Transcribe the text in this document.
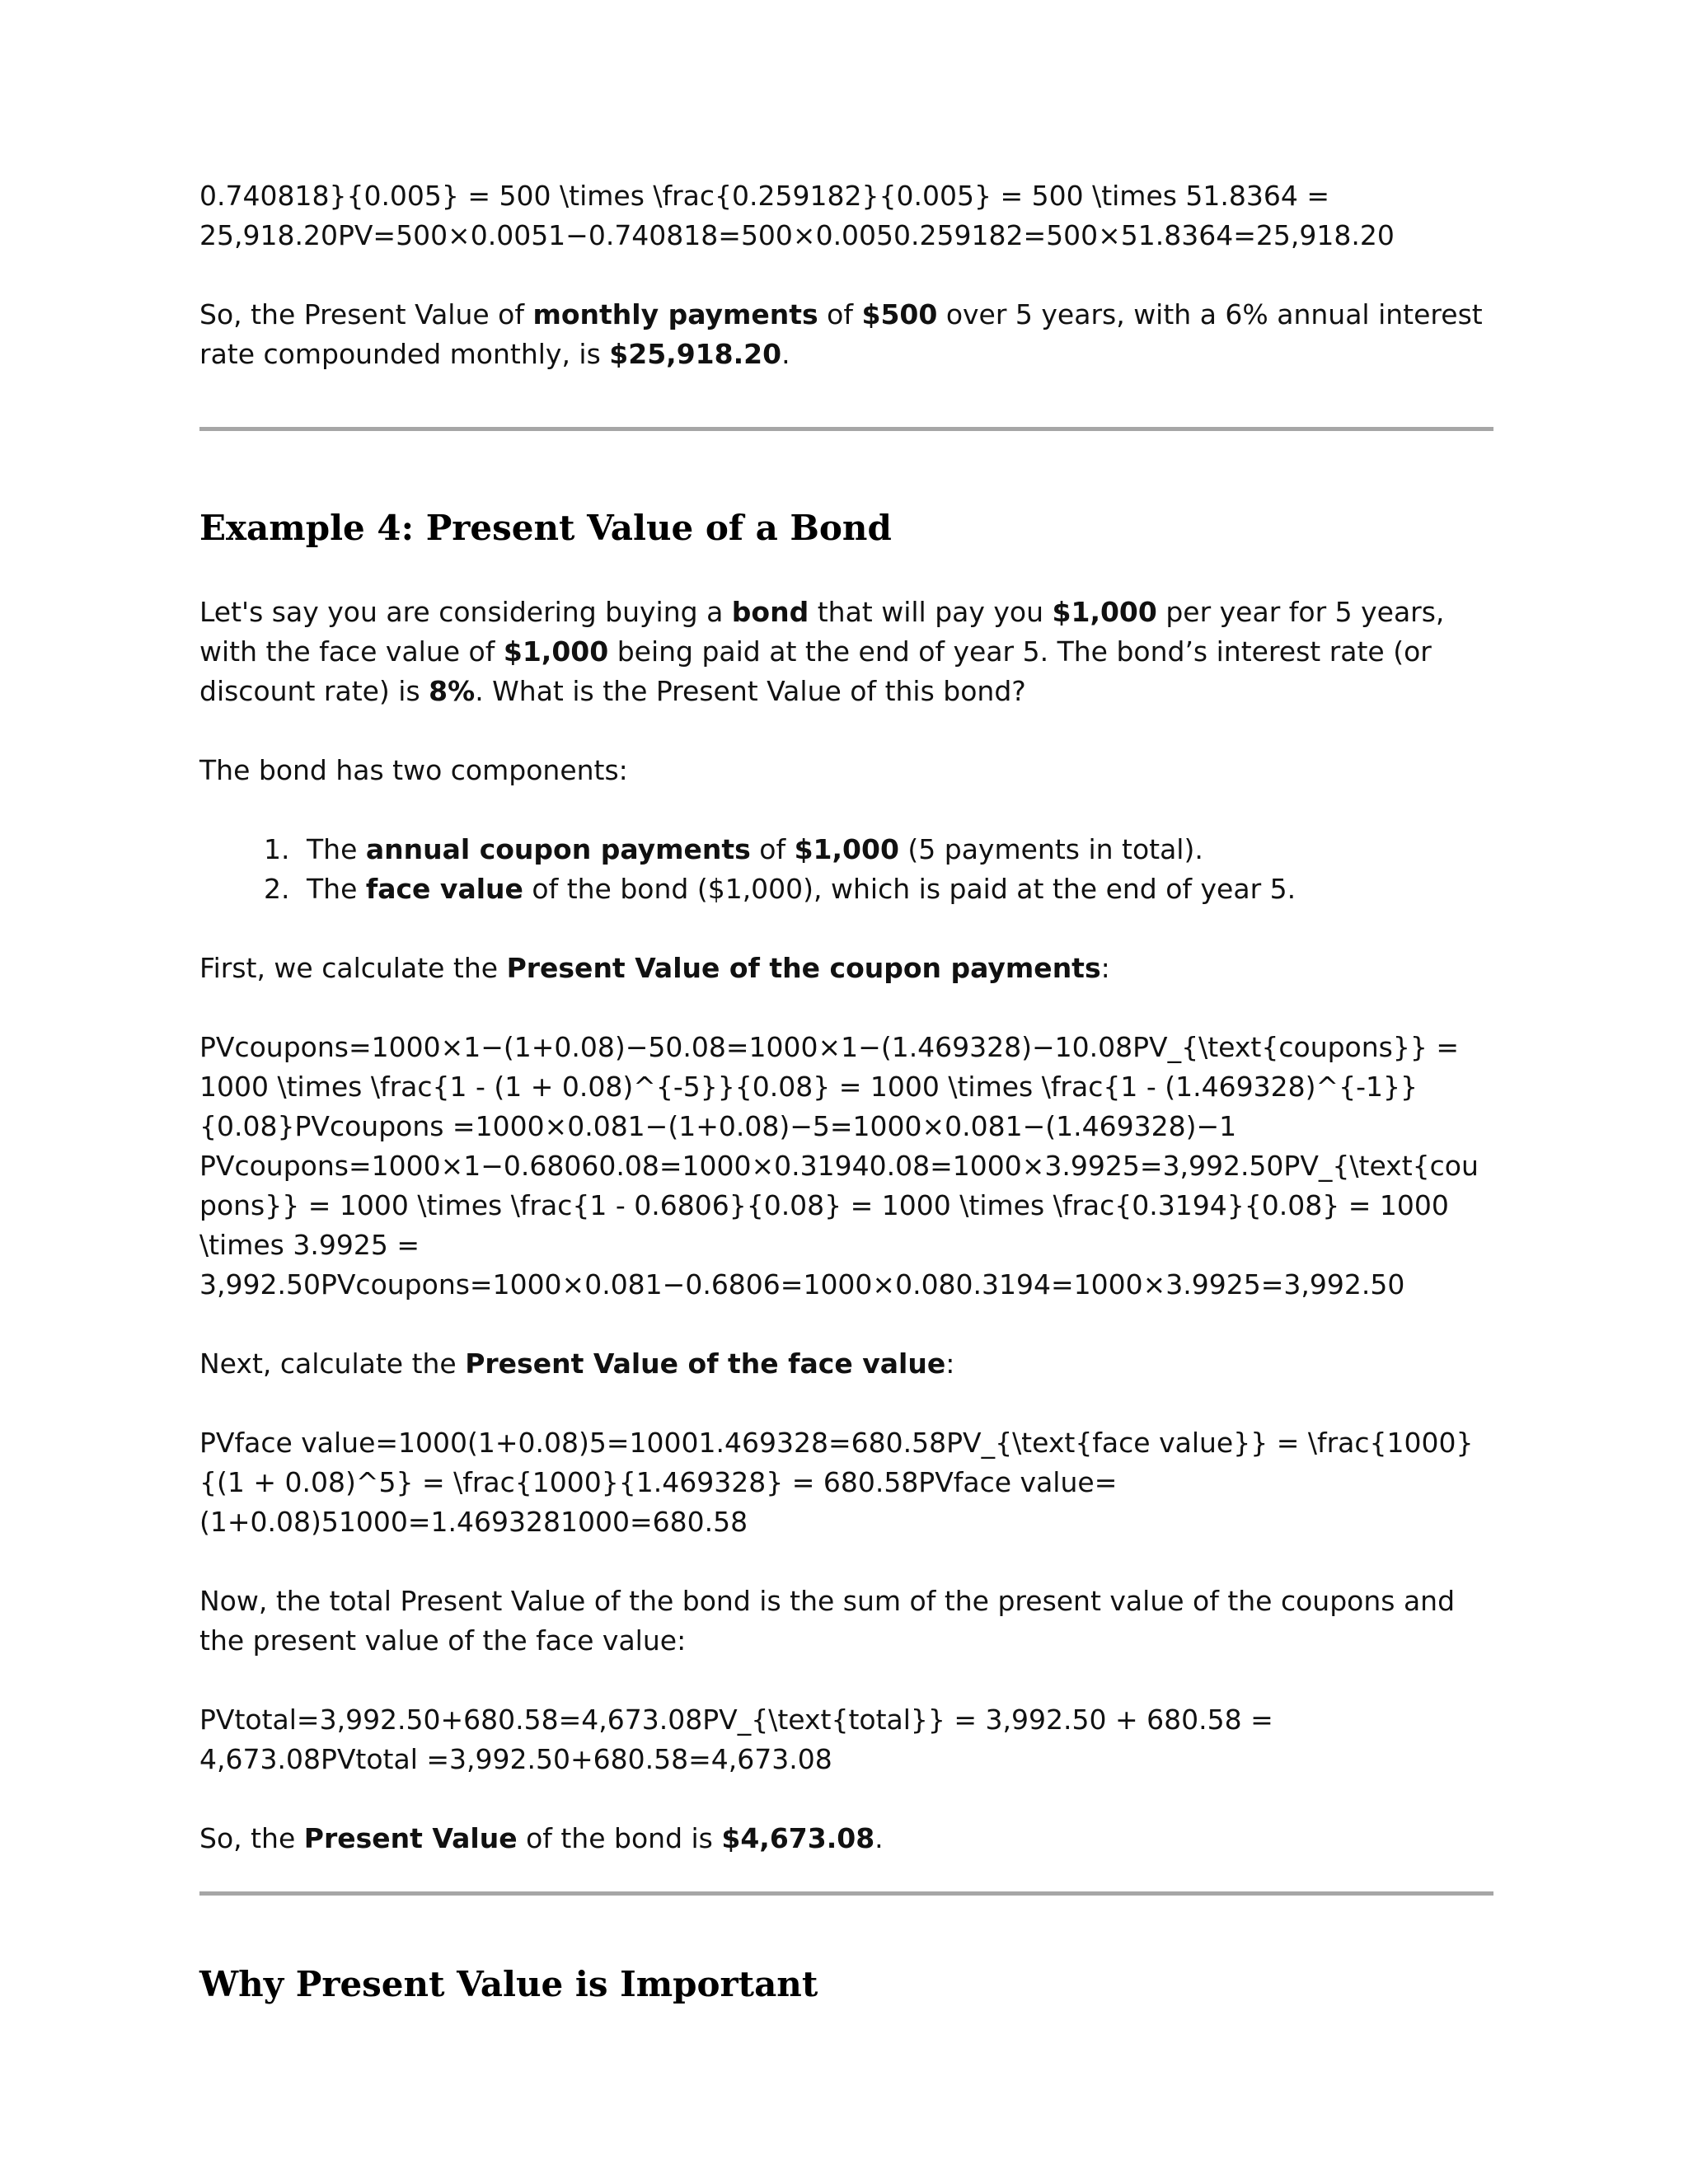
0.740818}{0.005} = 500 \times \frac{0.259182}{0.005} = 500 \times 51.8364 =
25,918.20PV=500×0.0051−0.740818=500×0.0050.259182=500×51.8364=25,918.20

So, the Present Value of monthly payments of $500 over 5 years, with a 6% annual interest rate compounded monthly, is $25,918.20.

Example 4: Present Value of a Bond

Let's say you are considering buying a bond that will pay you $1,000 per year for 5 years, with the face value of $1,000 being paid at the end of year 5. The bond’s interest rate (or discount rate) is 8%. What is the Present Value of this bond?

The bond has two components:

1. The annual coupon payments of $1,000 (5 payments in total).
2. The face value of the bond ($1,000), which is paid at the end of year 5.

First, we calculate the Present Value of the coupon payments:

PVcoupons=1000×1−(1+0.08)−50.08=1000×1−(1.469328)−10.08PV_{\text{coupons}} = 1000 \times \frac{1 - (1 + 0.08)^{-5}}{0.08} = 1000 \times \frac{1 - (1.469328)^{-1}}{0.08}PVcoupons =1000×0.081−(1+0.08)−5=1000×0.081−(1.469328)−1

PVcoupons=1000×1−0.68060.08=1000×0.31940.08=1000×3.9925=3,992.50PV_{\text{coupons}} = 1000 \times \frac{1 - 0.6806}{0.08} = 1000 \times \frac{0.3194}{0.08} = 1000 \times 3.9925 = 3,992.50PVcoupons=1000×0.081−0.6806=1000×0.080.3194=1000×3.9925=3,992.50

Next, calculate the Present Value of the face value:

PVface value=1000(1+0.08)5=10001.469328=680.58PV_{\text{face value}} = \frac{1000}{(1 + 0.08)^5} = \frac{1000}{1.469328} = 680.58PVface value=(1+0.08)51000=1.4693281000=680.58

Now, the total Present Value of the bond is the sum of the present value of the coupons and the present value of the face value:

PVtotal=3,992.50+680.58=4,673.08PV_{\text{total}} = 3,992.50 + 680.58 = 4,673.08PVtotal =3,992.50+680.58=4,673.08

So, the Present Value of the bond is $4,673.08.

Why Present Value is Important
